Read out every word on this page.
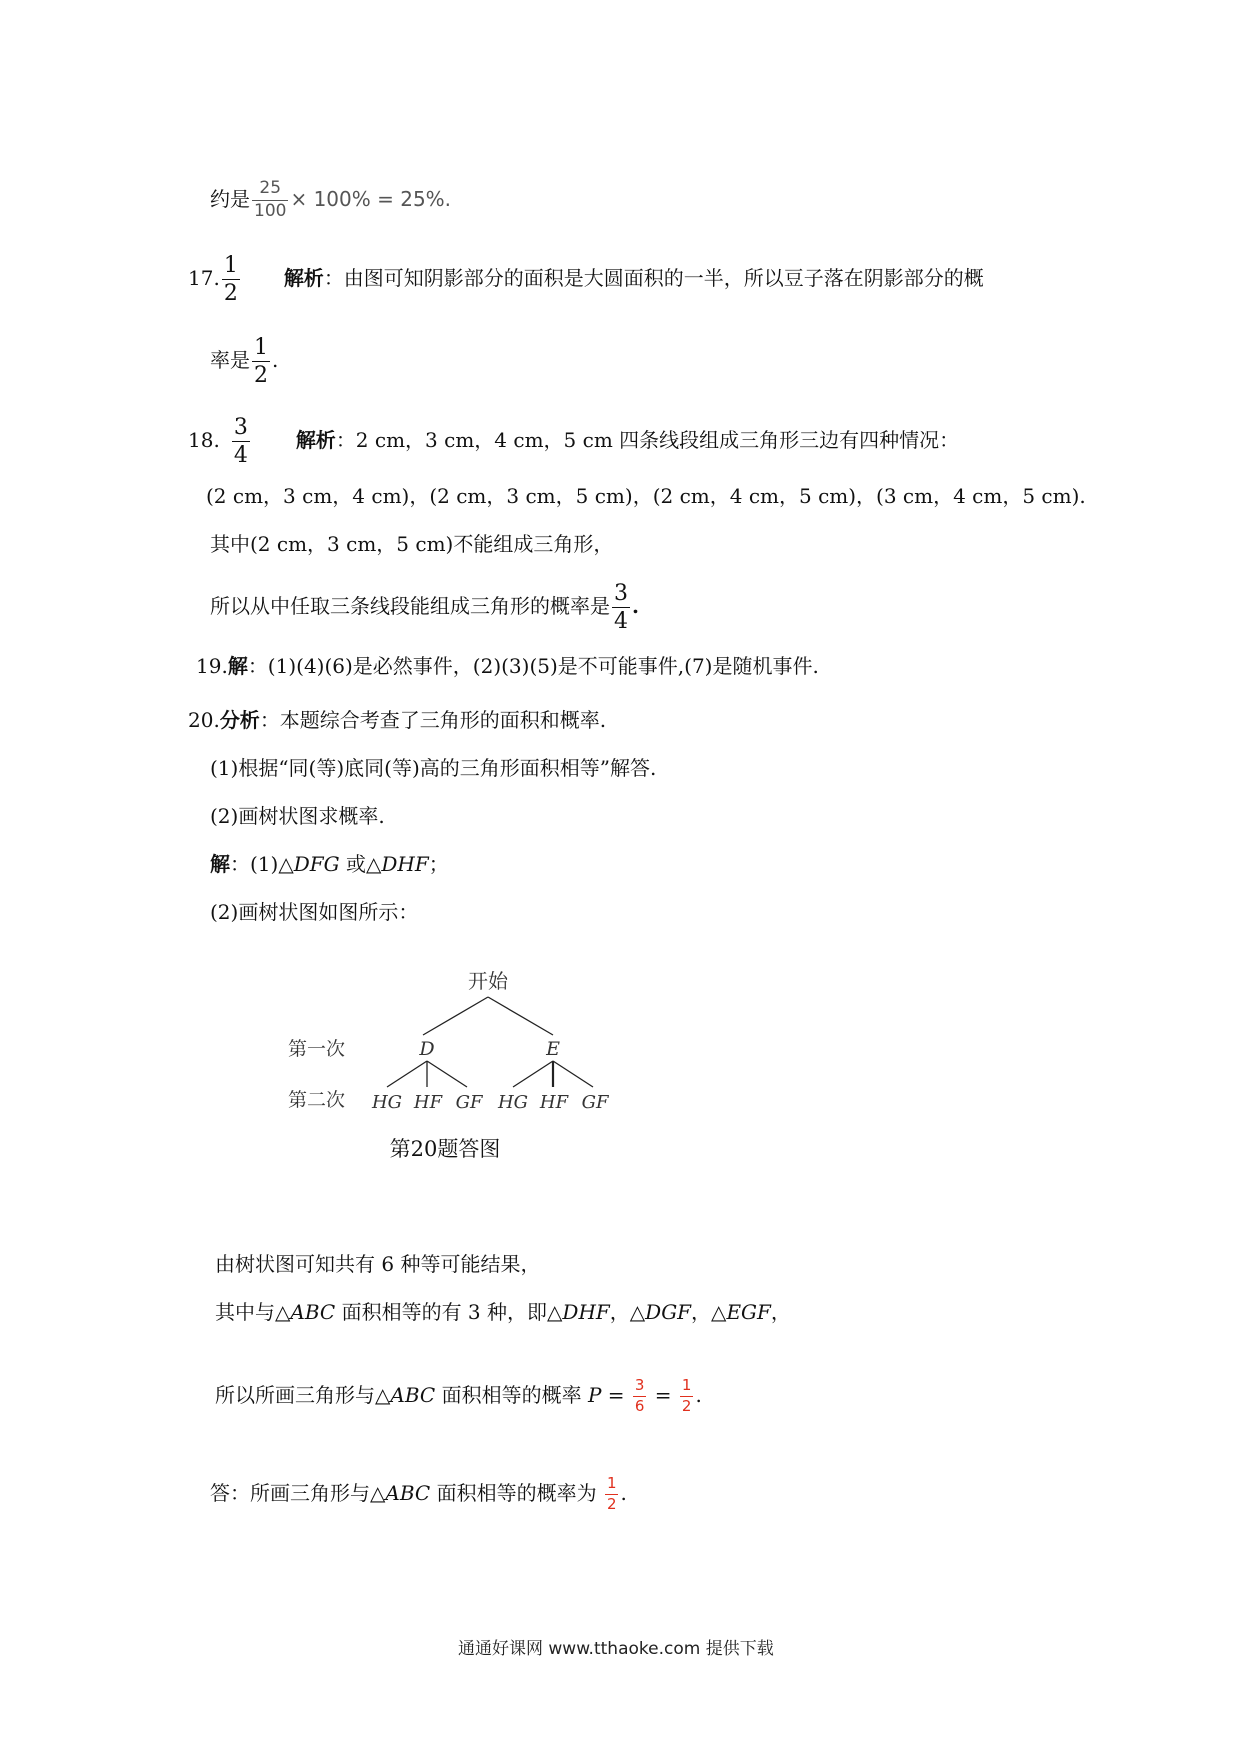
约是 $\frac{25}{100} \times 100\% = 25\%$.
17. $\frac{1}{2}$ 解析：由图可知阴影部分的面积是大圆面积的一半，所以豆子落在阴影部分的概
率是 $\frac{1}{2}$ .
18. $\frac{3}{4}$ 解析：2 cm，3 cm，4 cm，5 cm 四条线段组成三角形三边有四种情况：
(2 cm，3 cm，4 cm)，(2 cm，3 cm，5 cm)，(2 cm，4 cm，5 cm)，(3 cm，4 cm，5 cm).
其中(2 cm，3 cm，5 cm)不能组成三角形，
所以从中任取三条线段能组成三角形的概率是 $\frac{3}{4}$ .
19.解：(1)(4)(6)是必然事件，(2)(3)(5)是不可能事件,(7)是随机事件.
20.分析：本题综合考查了三角形的面积和概率.
(1)根据“同(等)底同(等)高的三角形面积相等”解答.
(2)画树状图求概率.
解：(1)△DFG 或△DHF；
(2)画树状图如图所示：
开始
第一次	D	E
第二次 HG HF GF HG HF GF
第20题答图
由树状图可知共有 6 种等可能结果，
其中与△ABC 面积相等的有 3 种，即△DHF，△DGF，△EGF，
所以所画三角形与△ABC 面积相等的概率 $P = \frac{3}{6} = \frac{1}{2}$ .
答：所画三角形与△ABC 面积相等的概率为 $\frac{1}{2}$ .
通通好课网 www.tthaoke.com 提供下载
